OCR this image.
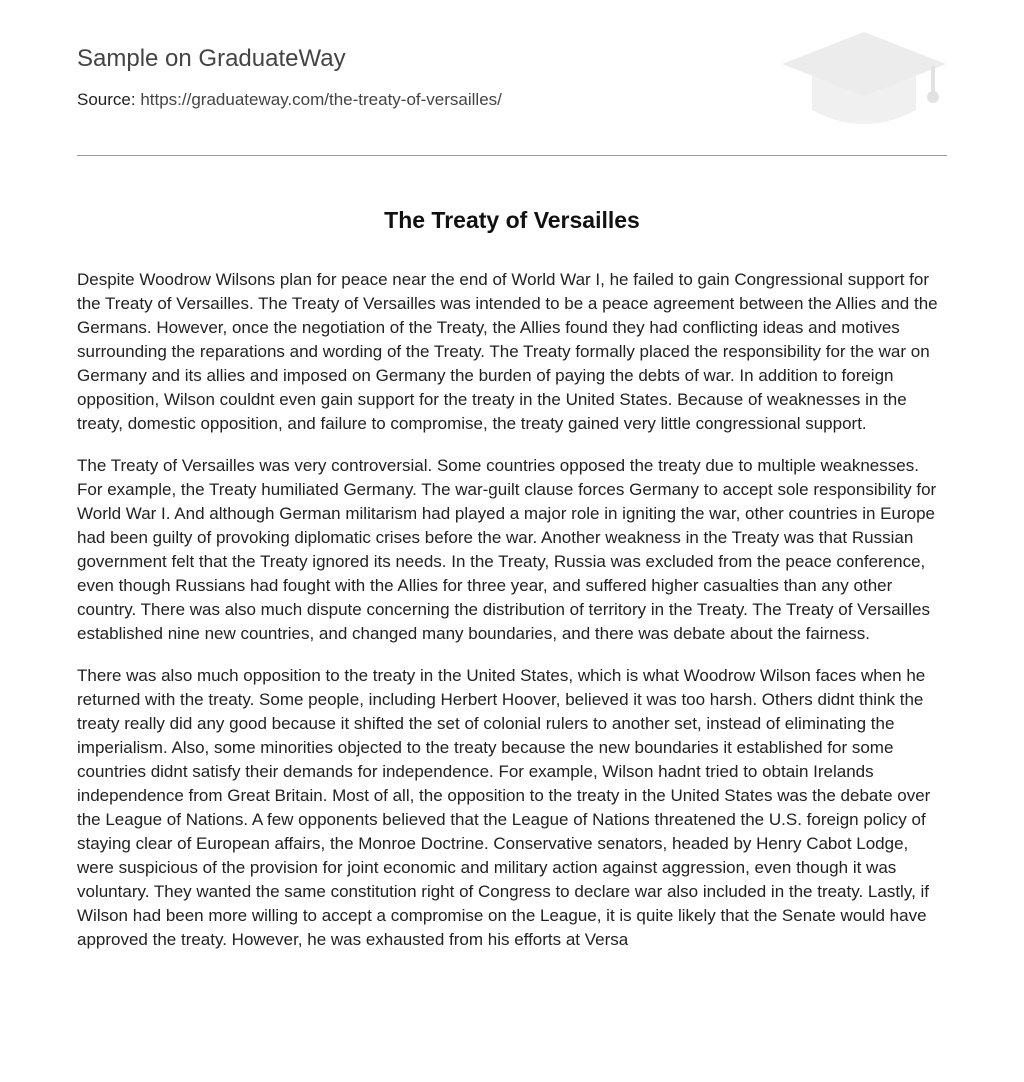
Sample on GraduateWay
Source: https://graduateway.com/the-treaty-of-versailles/
The Treaty of Versailles

Despite Woodrow Wilsons plan for peace near the end of World War I, he failed to gain Congressional support for the Treaty of Versailles. The Treaty of Versailles was intended to be a peace agreement between the Allies and the Germans. However, once the negotiation of the Treaty, the Allies found they had conflicting ideas and motives surrounding the reparations and wording of the Treaty. The Treaty formally placed the responsibility for the war on Germany and its allies and imposed on Germany the burden of paying the debts of war. In addition to foreign opposition, Wilson couldnt even gain support for the treaty in the United States. Because of weaknesses in the treaty, domestic opposition, and failure to compromise, the treaty gained very little congressional support.

The Treaty of Versailles was very controversial. Some countries opposed the treaty due to multiple weaknesses. For example, the Treaty humiliated Germany. The war-guilt clause forces Germany to accept sole responsibility for World War I. And although German militarism had played a major role in igniting the war, other countries in Europe had been guilty of provoking diplomatic crises before the war. Another weakness in the Treaty was that Russian government felt that the Treaty ignored its needs. In the Treaty, Russia was excluded from the peace conference, even though Russians had fought with the Allies for three year, and suffered higher casualties than any other country. There was also much dispute concerning the distribution of territory in the Treaty. The Treaty of Versailles established nine new countries, and changed many boundaries, and there was debate about the fairness.

There was also much opposition to the treaty in the United States, which is what Woodrow Wilson faces when he returned with the treaty. Some people, including Herbert Hoover, believed it was too harsh. Others didnt think the treaty really did any good because it shifted the set of colonial rulers to another set, instead of eliminating the imperialism. Also, some minorities objected to the treaty because the new boundaries it established for some countries didnt satisfy their demands for independence. For example, Wilson hadnt tried to obtain Irelands independence from Great Britain. Most of all, the opposition to the treaty in the United States was the debate over the League of Nations. A few opponents believed that the League of Nations threatened the U.S. foreign policy of staying clear of European affairs, the Monroe Doctrine. Conservative senators, headed by Henry Cabot Lodge, were suspicious of the provision for joint economic and military action against aggression, even though it was voluntary. They wanted the same constitution right of Congress to declare war also included in the treaty. Lastly, if Wilson had been more willing to accept a compromise on the League, it is quite likely that the Senate would have approved the treaty. However, he was exhausted from his efforts at Versa
